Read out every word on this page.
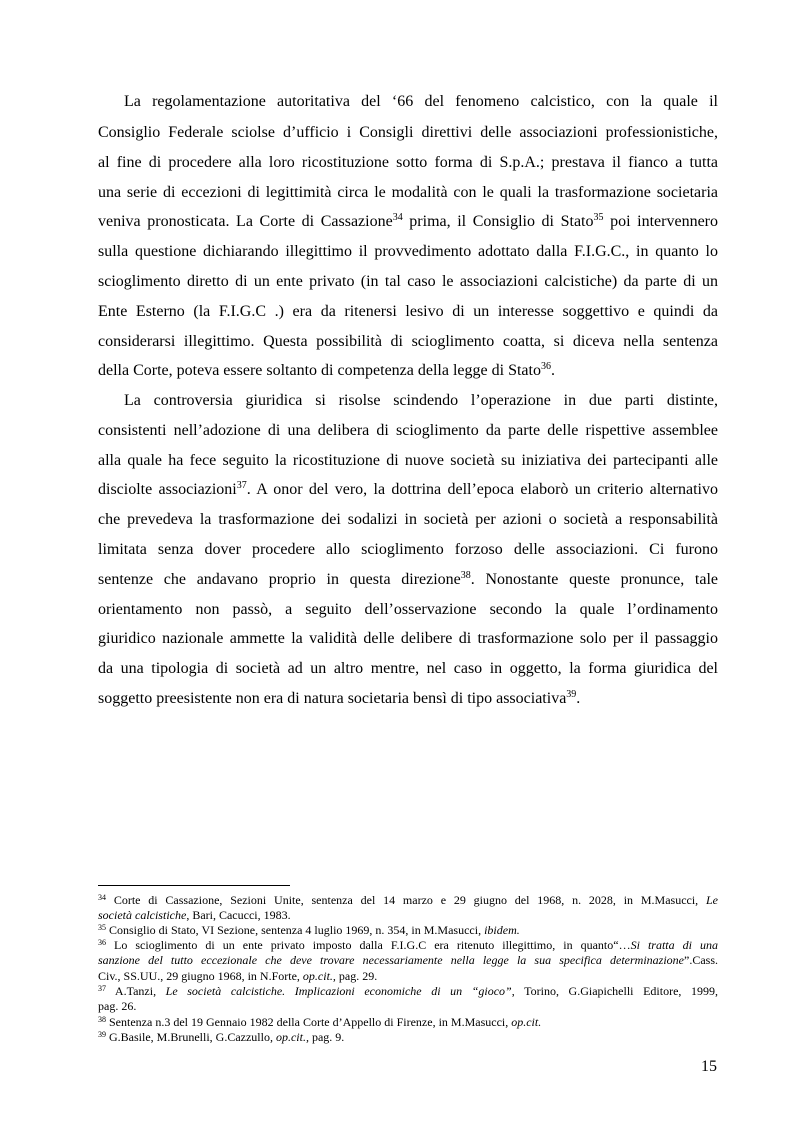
La regolamentazione autoritativa del ‘66 del fenomeno calcistico, con la quale il
Consiglio Federale sciolse d’ufficio i Consigli direttivi delle associazioni professionistiche,
al fine di procedere alla loro ricostituzione sotto forma di S.p.A.; prestava il fianco a tutta
una serie di eccezioni di legittimità circa le modalità con le quali la trasformazione societaria
veniva pronosticata. La Corte di Cassazione$^{34}$ prima, il Consiglio di Stato$^{35}$ poi intervennero
sulla questione dichiarando illegittimo il provvedimento adottato dalla F.I.G.C., in quanto lo
scioglimento diretto di un ente privato (in tal caso le associazioni calcistiche) da parte di un
Ente Esterno (la F.I.G.C .) era da ritenersi lesivo di un interesse soggettivo e quindi da
considerarsi illegittimo. Questa possibilità di scioglimento coatta, si diceva nella sentenza
della Corte, poteva essere soltanto di competenza della legge di Stato$^{36}$.
La controversia giuridica si risolse scindendo l’operazione in due parti distinte,
consistenti nell’adozione di una delibera di scioglimento da parte delle rispettive assemblee
alla quale ha fece seguito la ricostituzione di nuove società su iniziativa dei partecipanti alle
disciolte associazioni$^{37}$. A onor del vero, la dottrina dell’epoca elaborò un criterio alternativo
che prevedeva la trasformazione dei sodalizi in società per azioni o società a responsabilità
limitata senza dover procedere allo scioglimento forzoso delle associazioni. Ci furono
sentenze che andavano proprio in questa direzione$^{38}$. Nonostante queste pronunce, tale
orientamento non passò, a seguito dell’osservazione secondo la quale l’ordinamento
giuridico nazionale ammette la validità delle delibere di trasformazione solo per il passaggio
da una tipologia di società ad un altro mentre, nel caso in oggetto, la forma giuridica del
soggetto preesistente non era di natura societaria bensì di tipo associativa$^{39}$.
$^{34}$ Corte di Cassazione, Sezioni Unite, sentenza del 14 marzo e 29 giugno del 1968, n. 2028, in M.Masucci, Le
società calcistiche, Bari, Cacucci, 1983.
$^{35}$ Consiglio di Stato, VI Sezione, sentenza 4 luglio 1969, n. 354, in M.Masucci, ibidem.
$^{36}$ Lo scioglimento di un ente privato imposto dalla F.I.G.C era ritenuto illegittimo, in quanto“…Si tratta di una
sanzione del tutto eccezionale che deve trovare necessariamente nella legge la sua specifica determinazione”.Cass.
Civ., SS.UU., 29 giugno 1968, in N.Forte, op.cit., pag. 29.
$^{37}$ A.Tanzi, Le società calcistiche. Implicazioni economiche di un “gioco”, Torino, G.Giapichelli Editore, 1999,
pag. 26.
$^{38}$ Sentenza n.3 del 19 Gennaio 1982 della Corte d’Appello di Firenze, in M.Masucci, op.cit.
$^{39}$ G.Basile, M.Brunelli, G.Cazzullo, op.cit., pag. 9.
15
